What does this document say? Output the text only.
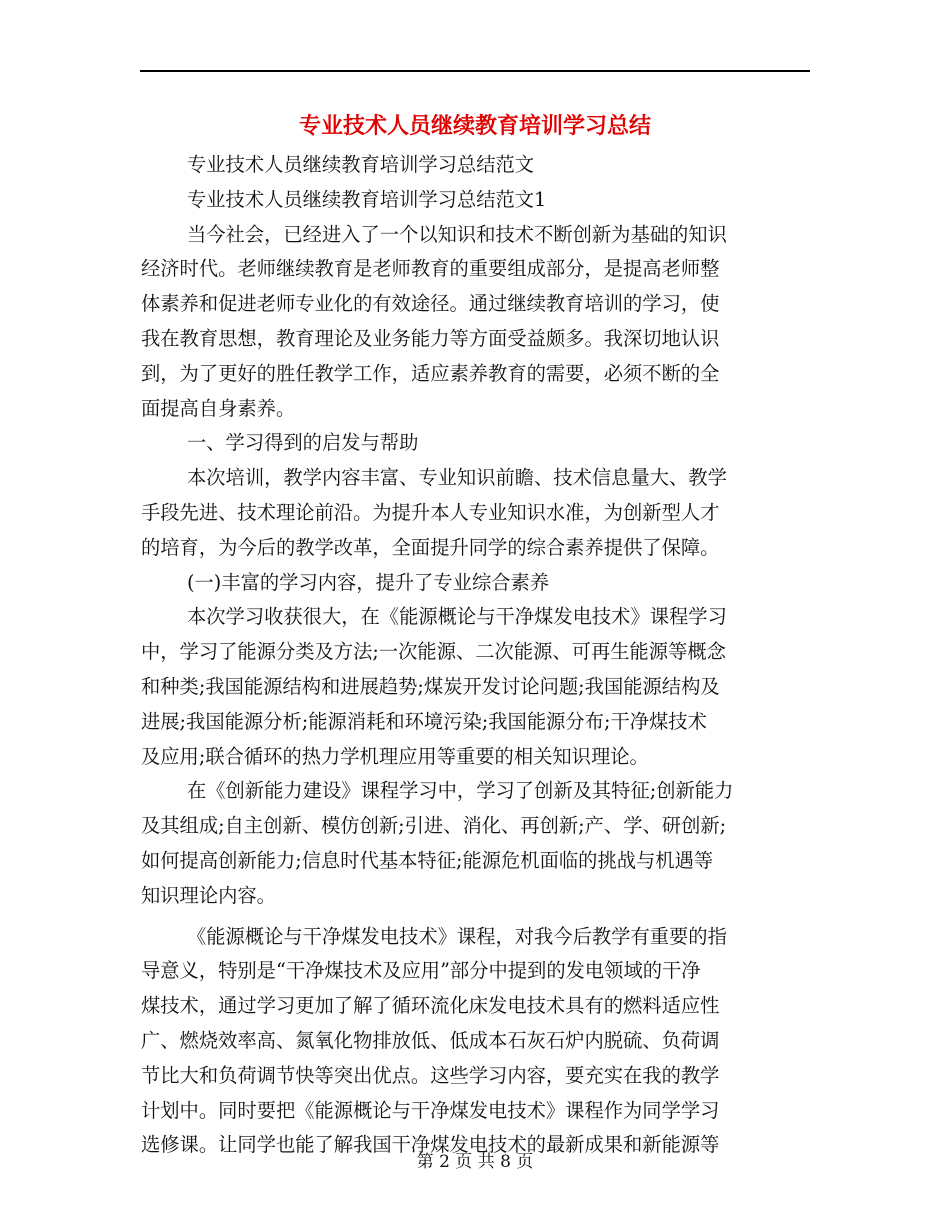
专业技术人员继续教育培训学习总结
专业技术人员继续教育培训学习总结范文
专业技术人员继续教育培训学习总结范文1
当今社会，已经进入了一个以知识和技术不断创新为基础的知识
经济时代。老师继续教育是老师教育的重要组成部分，是提高老师整
体素养和促进老师专业化的有效途径。通过继续教育培训的学习，使
我在教育思想，教育理论及业务能力等方面受益颇多。我深切地认识
到，为了更好的胜任教学工作，适应素养教育的需要，必须不断的全
面提高自身素养。
一、学习得到的启发与帮助
本次培训，教学内容丰富、专业知识前瞻、技术信息量大、教学
手段先进、技术理论前沿。为提升本人专业知识水准，为创新型人才
的培育，为今后的教学改革，全面提升同学的综合素养提供了保障。
(一)丰富的学习内容，提升了专业综合素养
本次学习收获很大，在《能源概论与干净煤发电技术》课程学习
中，学习了能源分类及方法;一次能源、二次能源、可再生能源等概念
和种类;我国能源结构和进展趋势;煤炭开发讨论问题;我国能源结构及
进展;我国能源分析;能源消耗和环境污染;我国能源分布;干净煤技术
及应用;联合循环的热力学机理应用等重要的相关知识理论。
在《创新能力建设》课程学习中，学习了创新及其特征;创新能力
及其组成;自主创新、模仿创新;引进、消化、再创新;产、学、研创新;
如何提高创新能力;信息时代基本特征;能源危机面临的挑战与机遇等
知识理论内容。
《能源概论与干净煤发电技术》课程，对我今后教学有重要的指
导意义，特别是“干净煤技术及应用”部分中提到的发电领域的干净
煤技术，通过学习更加了解了循环流化床发电技术具有的燃料适应性
广、燃烧效率高、氮氧化物排放低、低成本石灰石炉内脱硫、负荷调
节比大和负荷调节快等突出优点。这些学习内容，要充实在我的教学
计划中。同时要把《能源概论与干净煤发电技术》课程作为同学学习
选修课。让同学也能了解我国干净煤发电技术的最新成果和新能源等
第 2 页 共 8 页
